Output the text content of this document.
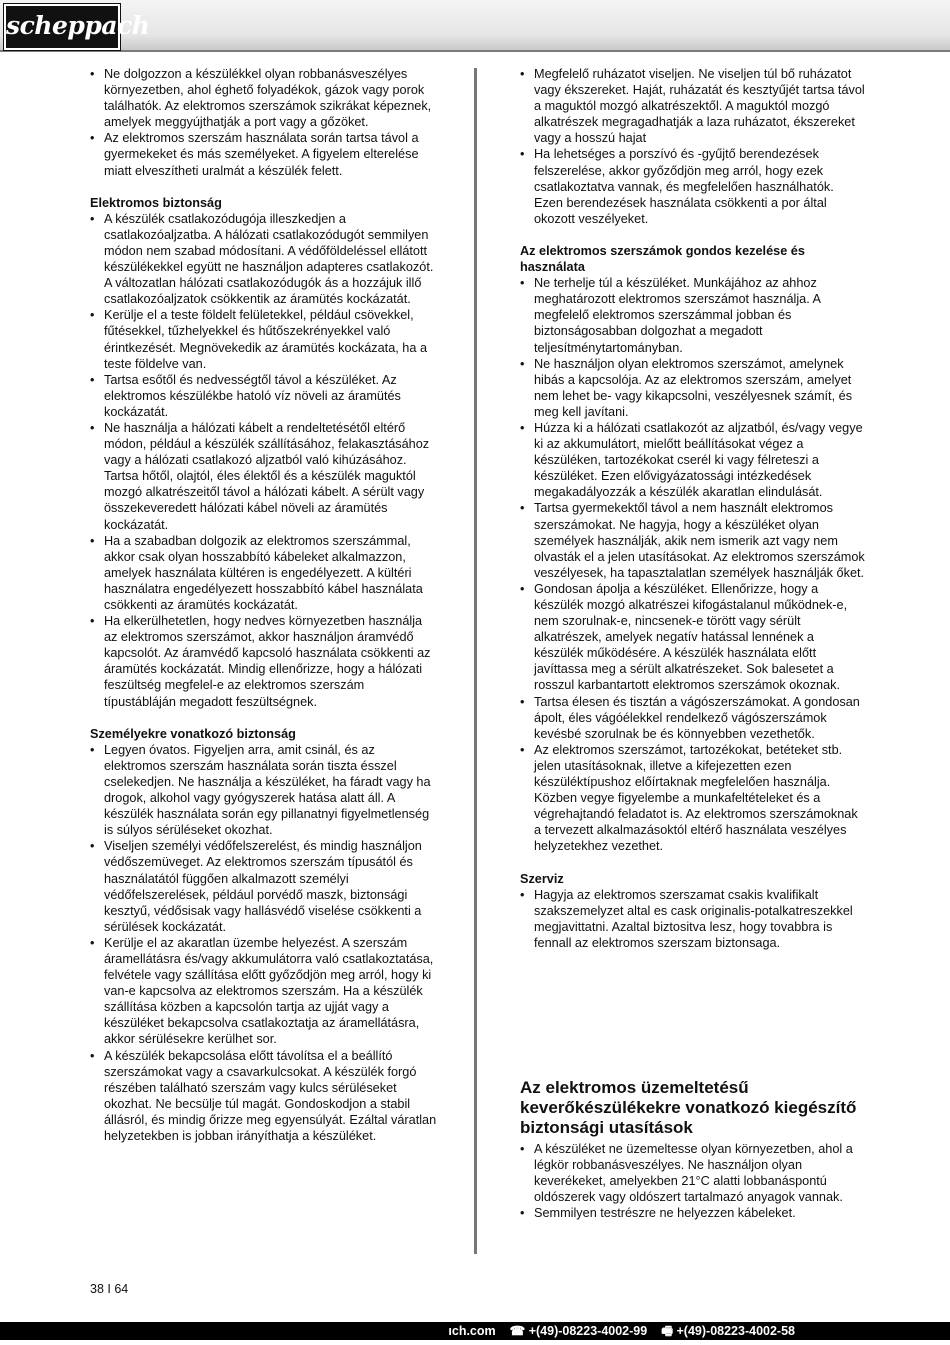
scheppach
• Ne dolgozzon a készülékkel olyan robbanásveszélyes környezetben, ahol éghető folyadékok, gázok vagy porok találhatók. Az elektromos szerszámok szikrákat képeznek, amelyek meggyújthatják a port vagy a gőzöket.
• Az elektromos szerszám használata során tartsa távol a gyermekeket és más személyeket. A figyelem elterelése miatt elveszítheti uralmát a készülék felett.
Elektromos biztonság
• A készülék csatlakozódugója illeszkedjen a csatlakozóaljzatba. A hálózati csatlakozódugót semmilyen módon nem szabad módosítani. A védőföldeléssel ellátott készülékekkel együtt ne használjon adapteres csatlakozót. A változatlan hálózati csatlakozódugók ás a hozzájuk illő csatlakozóaljzatok csökkentik az áramütés kockázatát.
• Kerülje el a teste földelt felületekkel, például csövekkel, fűtésekkel, tűzhelyekkel és hűtőszekrényekkel való érintkezését. Megnövekedik az áramütés kockázata, ha a teste földelve van.
• Tartsa esőtől és nedvességtől távol a készüléket. Az elektromos készülékbe hatoló víz növeli az áramütés kockázatát.
• Ne használja a hálózati kábelt a rendeltetésétől eltérő módon, például a készülék szállításához, felakasztásához vagy a hálózati csatlakozó aljzatból való kihúzásához. Tartsa hőtől, olajtól, éles élektől és a készülék maguktól mozgó alkatrészeitől távol a hálózati kábelt. A sérült vagy összekeveredett hálózati kábel növeli az áramütés kockázatát.
• Ha a szabadban dolgozik az elektromos szerszámmal, akkor csak olyan hosszabbító kábeleket alkalmazzon, amelyek használata kültéren is engedélyezett. A kültéri használatra engedélyezett hosszabbító kábel használata csökkenti az áramütés kockázatát.
• Ha elkerülhetetlen, hogy nedves környezetben használja az elektromos szerszámot, akkor használjon áramvédő kapcsolót. Az áramvédő kapcsoló használata csökkenti az áramütés kockázatát. Mindig ellenőrizze, hogy a hálózati feszültség megfelel-e az elektromos szerszám típustábláján megadott feszültségnek.
Személyekre vonatkozó biztonság
• Legyen óvatos. Figyeljen arra, amit csinál, és az elektromos szerszám használata során tiszta ésszel cselekedjen. Ne használja a készüléket, ha fáradt vagy ha drogok, alkohol vagy gyógyszerek hatása alatt áll. A készülék használata során egy pillanatnyi figyelmetlenség is súlyos sérüléseket okozhat.
• Viseljen személyi védőfelszerelést, és mindig használjon védőszemüveget. Az elektromos szerszám típusától és használatától függően alkalmazott személyi védőfelszerelések, például porvédő maszk, biztonsági kesztyű, védősisak vagy hallásvédő viselése csökkenti a sérülések kockázatát.
• Kerülje el az akaratlan üzembe helyezést. A szerszám áramellátásra és/vagy akkumulátorra való csatlakoztatása, felvétele vagy szállítása előtt győződjön meg arról, hogy ki van-e kapcsolva az elektromos szerszám. Ha a készülék szállítása közben a kapcsolón tartja az ujját vagy a készüléket bekapcsolva csatlakoztatja az áramellátásra, akkor sérülésekre kerülhet sor.
• A készülék bekapcsolása előtt távolítsa el a beállító szerszámokat vagy a csavarkulcsokat. A készülék forgó részében található szerszám vagy kulcs sérüléseket okozhat. Ne becsülje túl magát. Gondoskodjon a stabil állásról, és mindig őrizze meg egyensúlyát. Ezáltal váratlan helyzetekben is jobban irányíthatja a készüléket.
• Megfelelő ruházatot viseljen. Ne viseljen túl bő ruházatot vagy ékszereket. Haját, ruházatát és kesztyűjét tartsa távol a maguktól mozgó alkatrészektől. A maguktól mozgó alkatrészek megragadhatják a laza ruházatot, ékszereket vagy a hosszú hajat
• Ha lehetséges a porszívó és -gyűjtő berendezések felszerelése, akkor győződjön meg arról, hogy ezek csatlakoztatva vannak, és megfelelően használhatók. Ezen berendezések használata csökkenti a por által okozott veszélyeket.
Az elektromos szerszámok gondos kezelése és használata
• Ne terhelje túl a készüléket. Munkájához az ahhoz meghatározott elektromos szerszámot használja. A megfelelő elektromos szerszámmal jobban és biztonságosabban dolgozhat a megadott teljesítménytartományban.
• Ne használjon olyan elektromos szerszámot, amelynek hibás a kapcsolója. Az az elektromos szerszám, amelyet nem lehet be- vagy kikapcsolni, veszélyesnek számít, és meg kell javítani.
• Húzza ki a hálózati csatlakozót az aljzatból, és/vagy vegye ki az akkumulátort, mielőtt beállításokat végez a készüléken, tartozékokat cserél ki vagy félreteszi a készüléket. Ezen elővigyázatossági intézkedések megakadályozzák a készülék akaratlan elindulását.
• Tartsa gyermekektől távol a nem használt elektromos szerszámokat. Ne hagyja, hogy a készüléket olyan személyek használják, akik nem ismerik azt vagy nem olvasták el a jelen utasításokat. Az elektromos szerszámok veszélyesek, ha tapasztalatlan személyek használják őket.
• Gondosan ápolja a készüléket. Ellenőrizze, hogy a készülék mozgó alkatrészei kifogástalanul működnek-e, nem szorulnak-e, nincsenek-e törött vagy sérült alkatrészek, amelyek negatív hatással lennének a készülék működésére. A készülék használata előtt javíttassa meg a sérült alkatrészeket. Sok balesetet a rosszul karbantartott elektromos szerszámok okoznak.
• Tartsa élesen és tisztán a vágószerszámokat. A gondosan ápolt, éles vágóélekkel rendelkező vágószerszámok kevésbé szorulnak be és könnyebben vezethetők.
• Az elektromos szerszámot, tartozékokat, betéteket stb. jelen utasításoknak, illetve a kifejezetten ezen készüléktípushoz előírtaknak megfelelően használja. Közben vegye figyelembe a munkafeltételeket és a végrehajtandó feladatot is. Az elektromos szerszámoknak a tervezett alkalmazásoktól eltérő használata veszélyes helyzetekhez vezethet.
Szerviz
• Hagyja az elektromos szerszamat csakis kvalifikalt szakszemelyzet altal es cask originalis-potalkatreszekkel megjavittatni. Azaltal biztositva lesz, hogy tovabbra is fennall az elektromos szerszam biztonsaga.
Az elektromos üzemeltetésű keverőkészülékekre vonatkozó kiegészítő biztonsági utasítások
• A készüléket ne üzemeltesse olyan környezetben, ahol a légkör robbanásveszélyes. Ne használjon olyan keverékeket, amelyekben 21°C alatti lobbanáspontú oldószerek vagy oldószert tartalmazó anyagok vannak.
• Semmilyen testrészre ne helyezzen kábeleket.
38 I 64
ıch.com ☎ +(49)-08223-4002-99 🖷 +(49)-08223-4002-58
